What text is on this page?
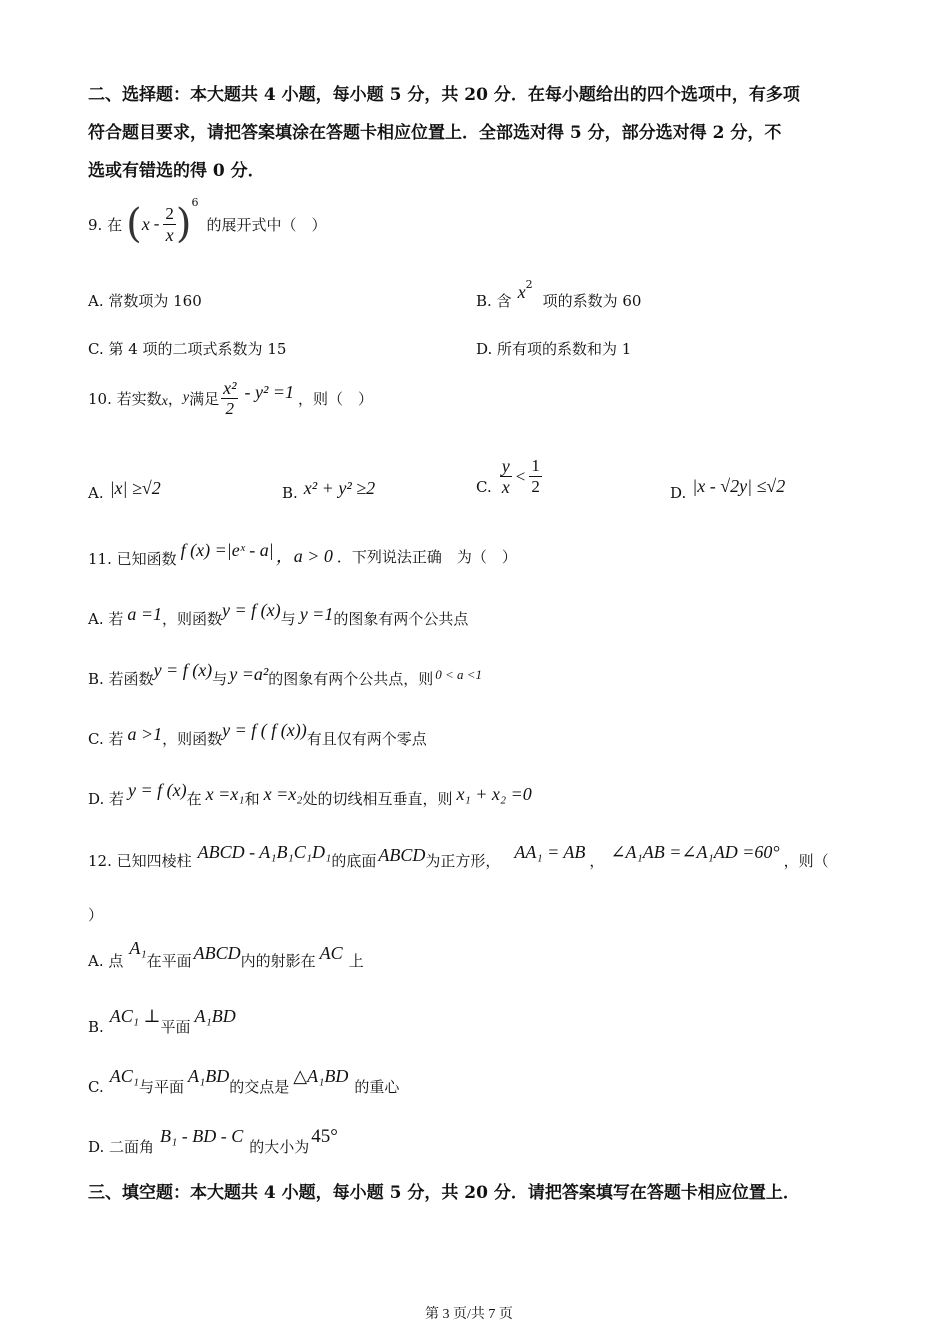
二、选择题：本大题共 4 小题，每小题 5 分，共 20 分．在每小题给出的四个选项中，有多项
符合题目要求，请把答案填涂在答题卡相应位置上．全部选对得 5 分，部分选对得 2 分，不
选或有错选的得 0 分．
9. 在 ( x - $\frac{2}{x}$ ) 6
的展开式中（　）
A. 常数项为 160	B. 含 x 2
项的系数为 60
C. 第 4 项的二项式系数为 15	D. 所有项的系数和为 1
10. 若实数 x ， y 满足 $\frac{\text{x²}}{2} - y^2 =1$ ，则（　）
A. |x| ≥√2	B. x² + y² ≥2	C. $\frac{y}{x} < \frac{1}{2}$	D. |x - √2y| ≤√2
11. 已知函数 f (x) =|eˣ - a| ，a > 0 ．下列说法正确　为（　）
A. 若 a =1 ，则函数 y = f (x) 与 y =1 的图象有两个公共点
B. 若函数 y = f (x) 与 y =a² 的图象有两个公共点，则 0 < a <1
C. 若 a >1 ，则函数 y = f ( f (x)) 有且仅有两个零点
D. 若 y = f (x) 在 x =x₁ 和 x =x₂ 处的切线相互垂直，则 x₁ + x₂ =0
12. 已知四棱柱 ABCD - A₁B₁C₁D₁ 的底面 ABCD 为正方形， AA₁ = AB ， ∠A₁AB =∠A₁AD =60° ，则（
）
A. 点
A₁
在平面 ABCD 内的射影在 AC 上
B.
AC₁ ⊥
平面
A₁BD
C.
AC₁
与平面
A₁BD
的交点是
△A₁BD
的重心
D. 二面角
B₁ - BD - C
的大小为
45°
三、填空题：本大题共 4 小题，每小题 5 分，共 20 分．请把答案填写在答题卡相应位置上．
第 3 页/共 7 页
